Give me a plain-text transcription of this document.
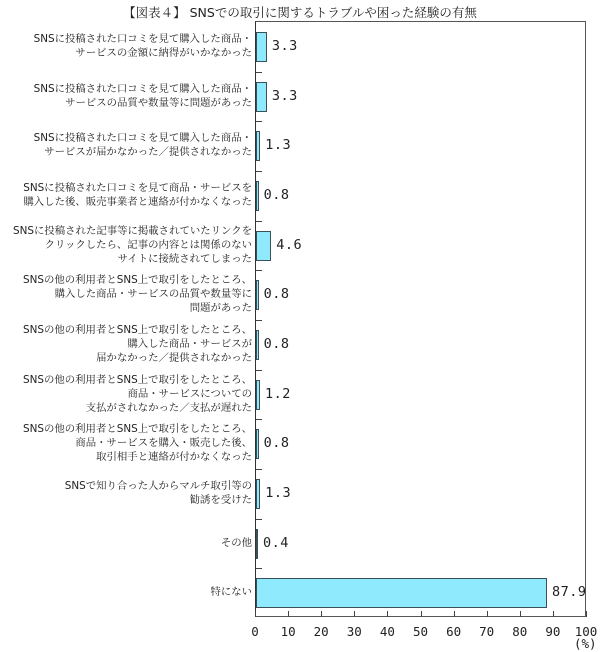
【図表４】 SNSでの取引に関するトラブルや困った経験の有無
3.3
3.3
1.3
0.8
4.6
0.8
0.8
1.2
0.8
1.3
0.4
87.9
SNSに投稿された口コミを見て購入した商品・
サービスの金額に納得がいかなかった
SNSに投稿された口コミを見て購入した商品・
サービスの品質や数量等に問題があった
SNSに投稿された口コミを見て購入した商品・
サービスが届かなかった／提供されなかった
SNSに投稿された口コミを見て商品・サービスを
購入した後、販売事業者と連絡が付かなくなった
SNSに投稿された記事等に掲載されていたリンクを
クリックしたら、記事の内容とは関係のない
サイトに接続されてしまった
SNSの他の利用者とSNS上で取引をしたところ、
購入した商品・サービスの品質や数量等に
問題があった
SNSの他の利用者とSNS上で取引をしたところ、
購入した商品・サービスが
届かなかった／提供されなかった
SNSの他の利用者とSNS上で取引をしたところ、
商品・サービスについての
支払がされなかった／支払が遅れた
SNSの他の利用者とSNS上で取引をしたところ、
商品・サービスを購入・販売した後、
取引相手と連絡が付かなくなった
SNSで知り合った人からマルチ取引等の
勧誘を受けた
その他
特にない
0 10 20 30 40 50 60 70 80 90 100
(%)
